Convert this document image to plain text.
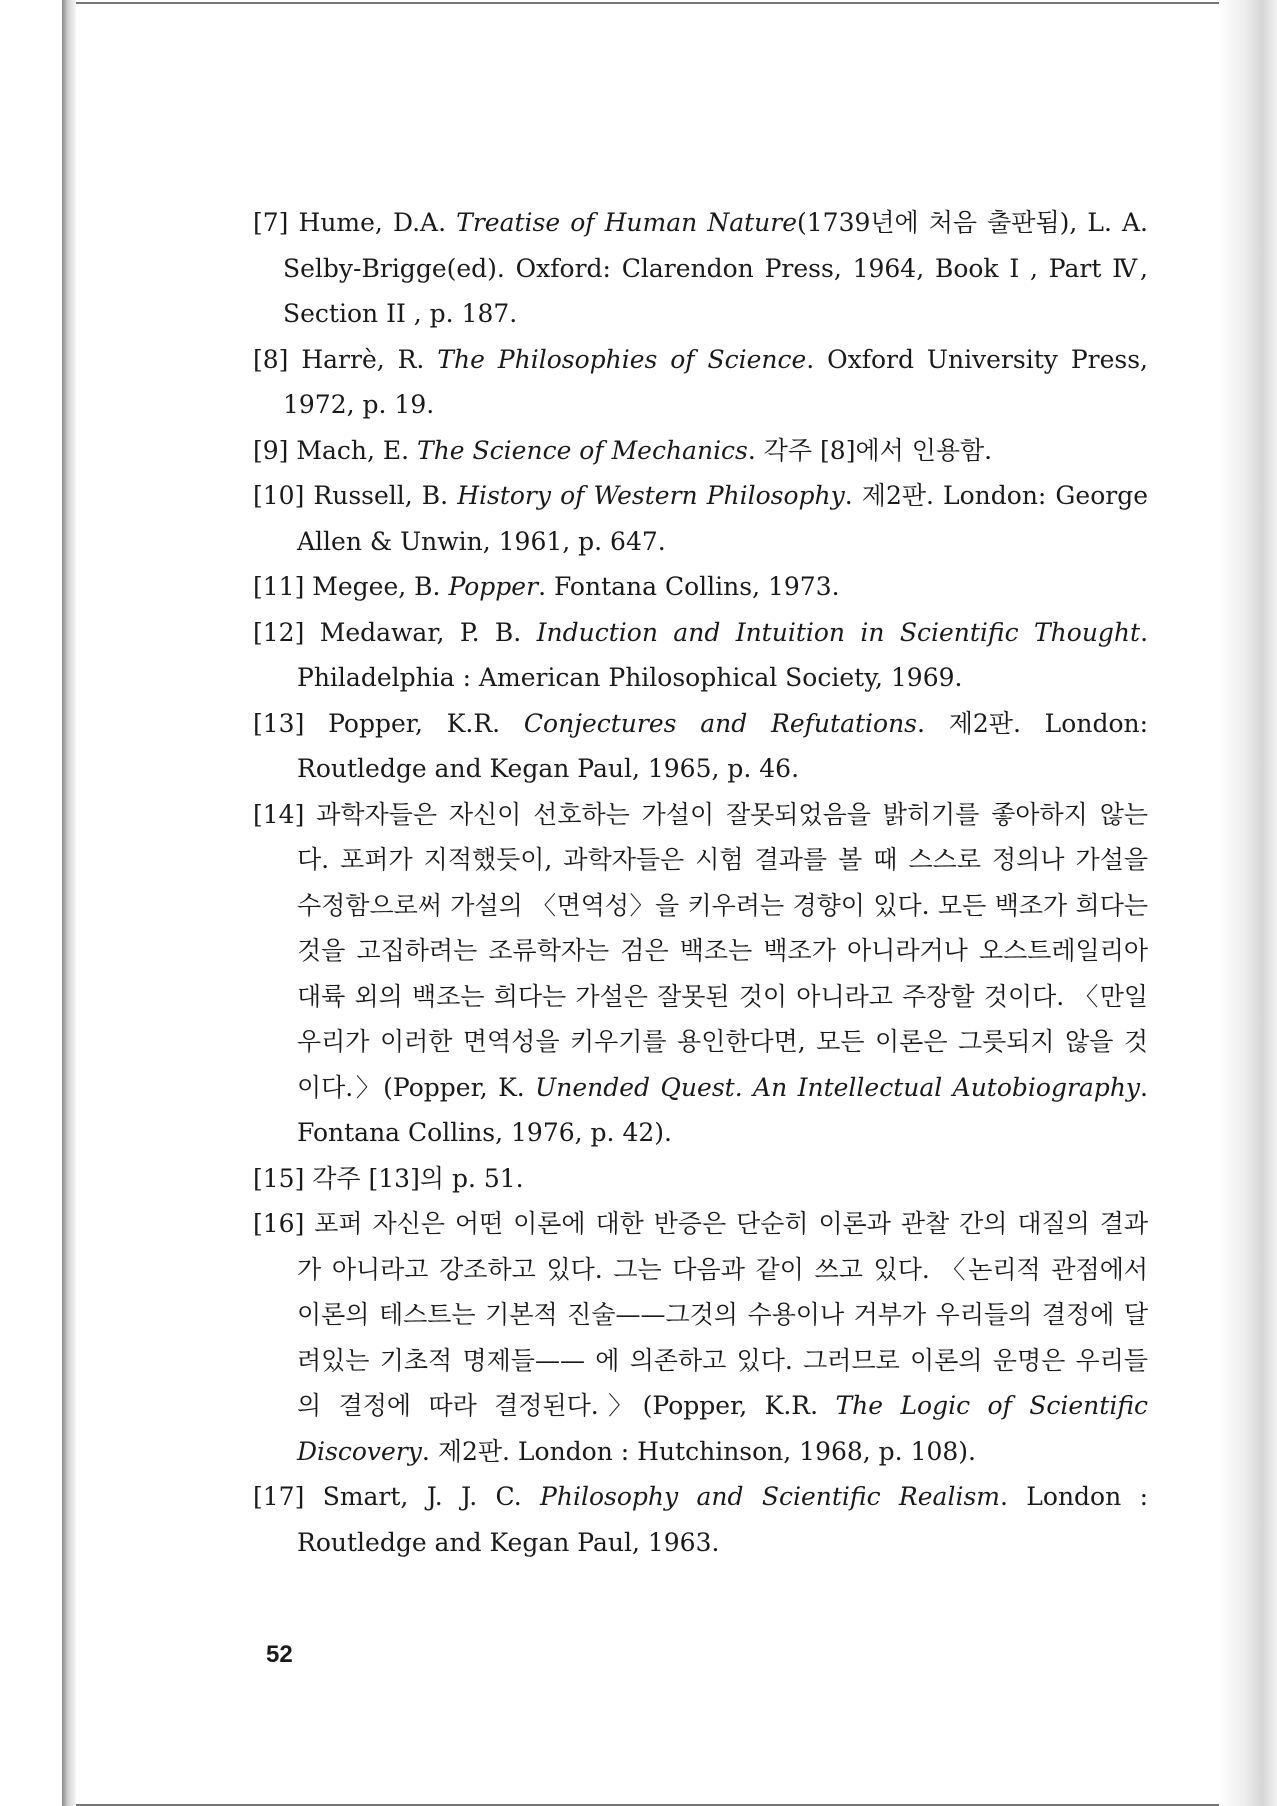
[7] Hume, D.A. Treatise of Human Nature(1739년에 처음 출판됨), L. A. Selby-Brigge(ed). Oxford: Clarendon Press, 1964, Book I , Part Ⅳ, Section II , p. 187.

[8] Harrè, R. The Philosophies of Science. Oxford University Press, 1972, p. 19.

[9] Mach, E. The Science of Mechanics. 각주 [8]에서 인용함.

[10] Russell, B. History of Western Philosophy. 제2판. London: George Allen & Unwin, 1961, p. 647.

[11] Megee, B. Popper. Fontana Collins, 1973.

[12] Medawar, P. B. Induction and Intuition in Scientific Thought. Philadelphia : American Philosophical Society, 1969.

[13] Popper, K.R. Conjectures and Refutations. 제2판. London: Routledge and Kegan Paul, 1965, p. 46.

[14] 과학자들은 자신이 선호하는 가설이 잘못되었음을 밝히기를 좋아하지 않는다. 포퍼가 지적했듯이, 과학자들은 시험 결과를 볼 때 스스로 정의나 가설을 수정함으로써 가설의 〈면역성〉을 키우려는 경향이 있다. 모든 백조가 희다는 것을 고집하려는 조류학자는 검은 백조는 백조가 아니라거나 오스트레일리아 대륙 외의 백조는 희다는 가설은 잘못된 것이 아니라고 주장할 것이다. 〈만일 우리가 이러한 면역성을 키우기를 용인한다면, 모든 이론은 그릇되지 않을 것이다.〉(Popper, K. Unended Quest. An Intellectual Autobiography. Fontana Collins, 1976, p. 42).

[15] 각주 [13]의 p. 51.

[16] 포퍼 자신은 어떤 이론에 대한 반증은 단순히 이론과 관찰 간의 대질의 결과가 아니라고 강조하고 있다. 그는 다음과 같이 쓰고 있다. 〈논리적 관점에서 이론의 테스트는 기본적 진술——그것의 수용이나 거부가 우리들의 결정에 달려있는 기초적 명제들—— 에 의존하고 있다. 그러므로 이론의 운명은 우리들의 결정에 따라 결정된다.〉(Popper, K.R. The Logic of Scientific Discovery. 제2판. London : Hutchinson, 1968, p. 108).

[17] Smart, J. J. C. Philosophy and Scientific Realism. London : Routledge and Kegan Paul, 1963.

52
